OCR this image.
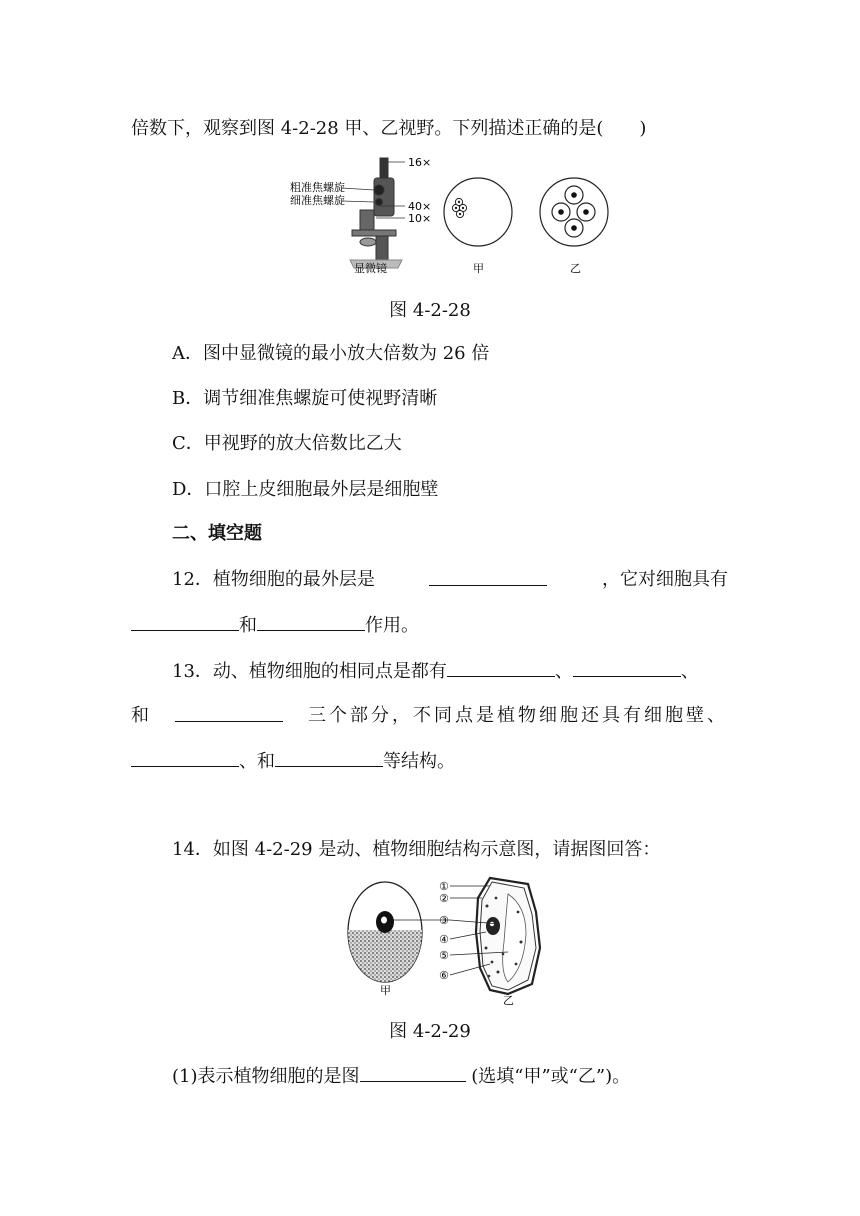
倍数下，观察到图 4-2-28 甲、乙视野。下列描述正确的是(　　)
16×
粗准焦螺旋
细准焦螺旋	40×
10×
显微镜	甲	乙
图 4-2-28
A．图中显微镜的最小放大倍数为 26 倍
B．调节细准焦螺旋可使视野清晰
C．甲视野的放大倍数比乙大
D．口腔上皮细胞最外层是细胞壁
二、填空题
12．植物细胞的最外层是	，它对细胞具有
和	作用。
13．动、植物细胞的相同点是都有	、	、
和	三个部分，不同点是植物细胞还具有细胞壁、
、和	等结构。
14．如图 4-2-29 是动、植物细胞结构示意图，请据图回答：
甲
①
②
③
④
⑤
⑥
乙
图 4-2-29
(1)表示植物细胞的是图	(选填“甲”或“乙”)。
